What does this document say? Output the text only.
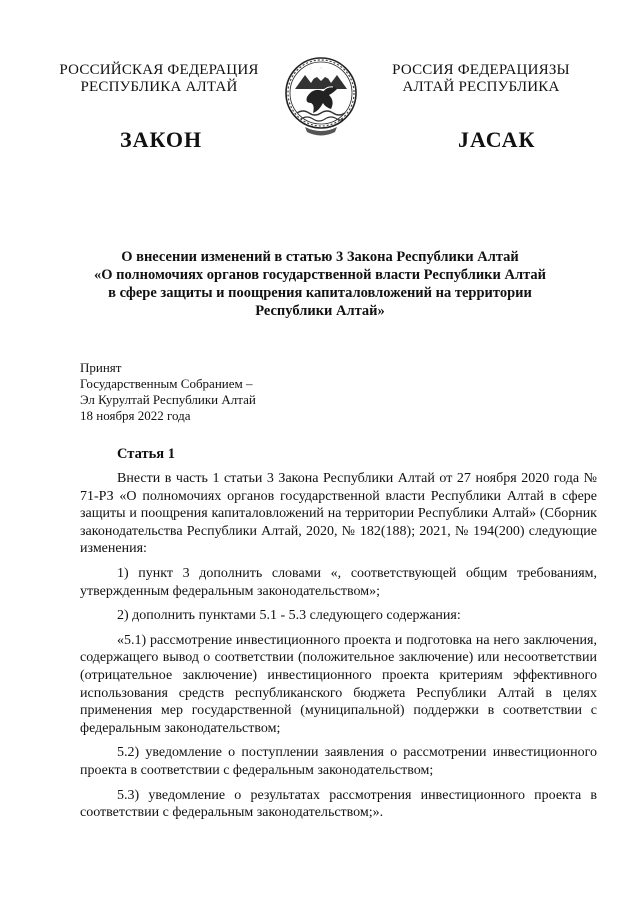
РОССИЙСКАЯ ФЕДЕРАЦИЯ
РЕСПУБЛИКА АЛТАЙ
РОССИЯ ФЕДЕРАЦИЯЗЫ
АЛТАЙ РЕСПУБЛИКА
ЗАКОН	ЈАСАК
О внесении изменений в статью 3 Закона Республики Алтай
«О полномочиях органов государственной власти Республики Алтай
в сфере защиты и поощрения капиталовложений на территории
Республики Алтай»
Принят
Государственным Собранием –
Эл Курултай Республики Алтай
18 ноября 2022 года
Статья 1

Внести в часть 1 статьи 3 Закона Республики Алтай от 27 ноября 2020 года № 71-РЗ «О полномочиях органов государственной власти Республики Алтай в сфере защиты и поощрения капиталовложений на территории Республики Алтай» (Сборник законодательства Республики Алтай, 2020, № 182(188); 2021, № 194(200) следующие изменения:

1) пункт 3 дополнить словами «, соответствующей общим требованиям, утвержденным федеральным законодательством»;

2) дополнить пунктами 5.1 - 5.3 следующего содержания:

«5.1) рассмотрение инвестиционного проекта и подготовка на него заключения, содержащего вывод о соответствии (положительное заключение) или несоответствии (отрицательное заключение) инвестиционного проекта критериям эффективного использования средств республиканского бюджета Республики Алтай в целях применения мер государственной (муниципальной) поддержки в соответствии с федеральным законодательством;

5.2) уведомление о поступлении заявления о рассмотрении инвестиционного проекта в соответствии с федеральным законодательством;

5.3) уведомление о результатах рассмотрения инвестиционного проекта в соответствии с федеральным законодательством;».
